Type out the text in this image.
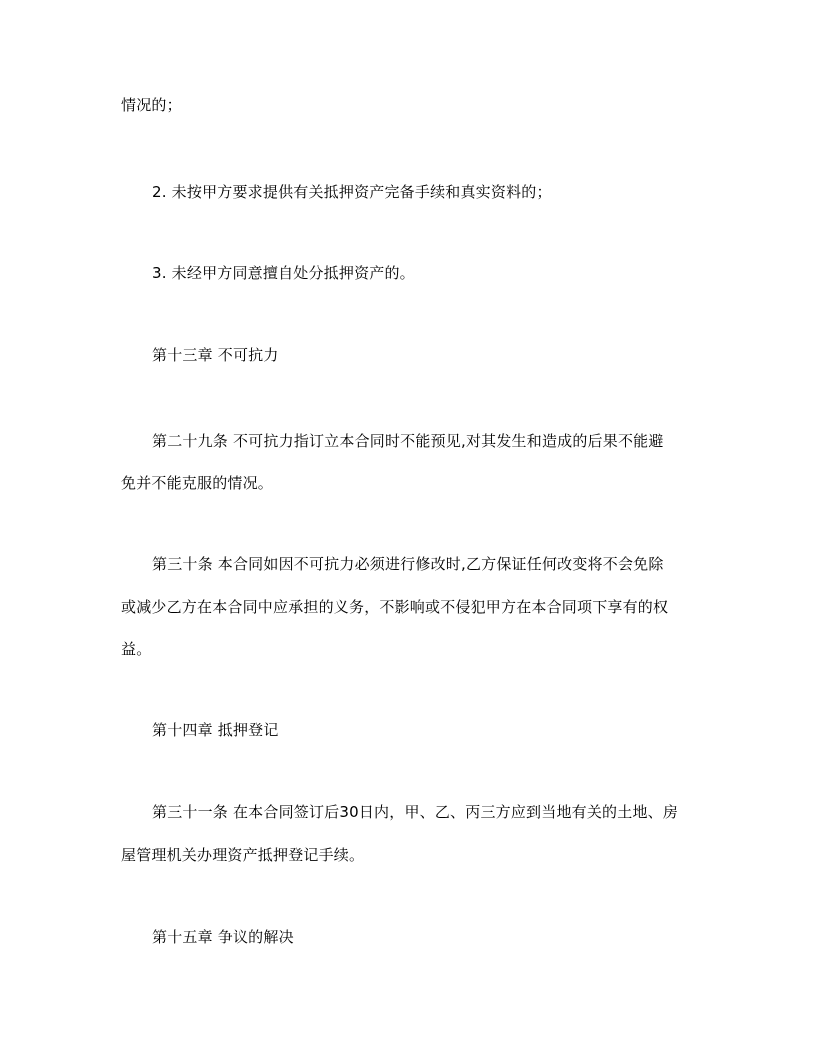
情况的；
2. 未按甲方要求提供有关抵押资产完备手续和真实资料的；
3. 未经甲方同意擅自处分抵押资产的。
第十三章 不可抗力
第二十九条 不可抗力指订立本合同时不能预见,对其发生和造成的后果不能避
免并不能克服的情况。
第三十条 本合同如因不可抗力必须进行修改时,乙方保证任何改变将不会免除
或减少乙方在本合同中应承担的义务，不影响或不侵犯甲方在本合同项下享有的权
益。
第十四章 抵押登记
第三十一条 在本合同签订后30日内，甲、乙、丙三方应到当地有关的土地、房
屋管理机关办理资产抵押登记手续。
第十五章 争议的解决
